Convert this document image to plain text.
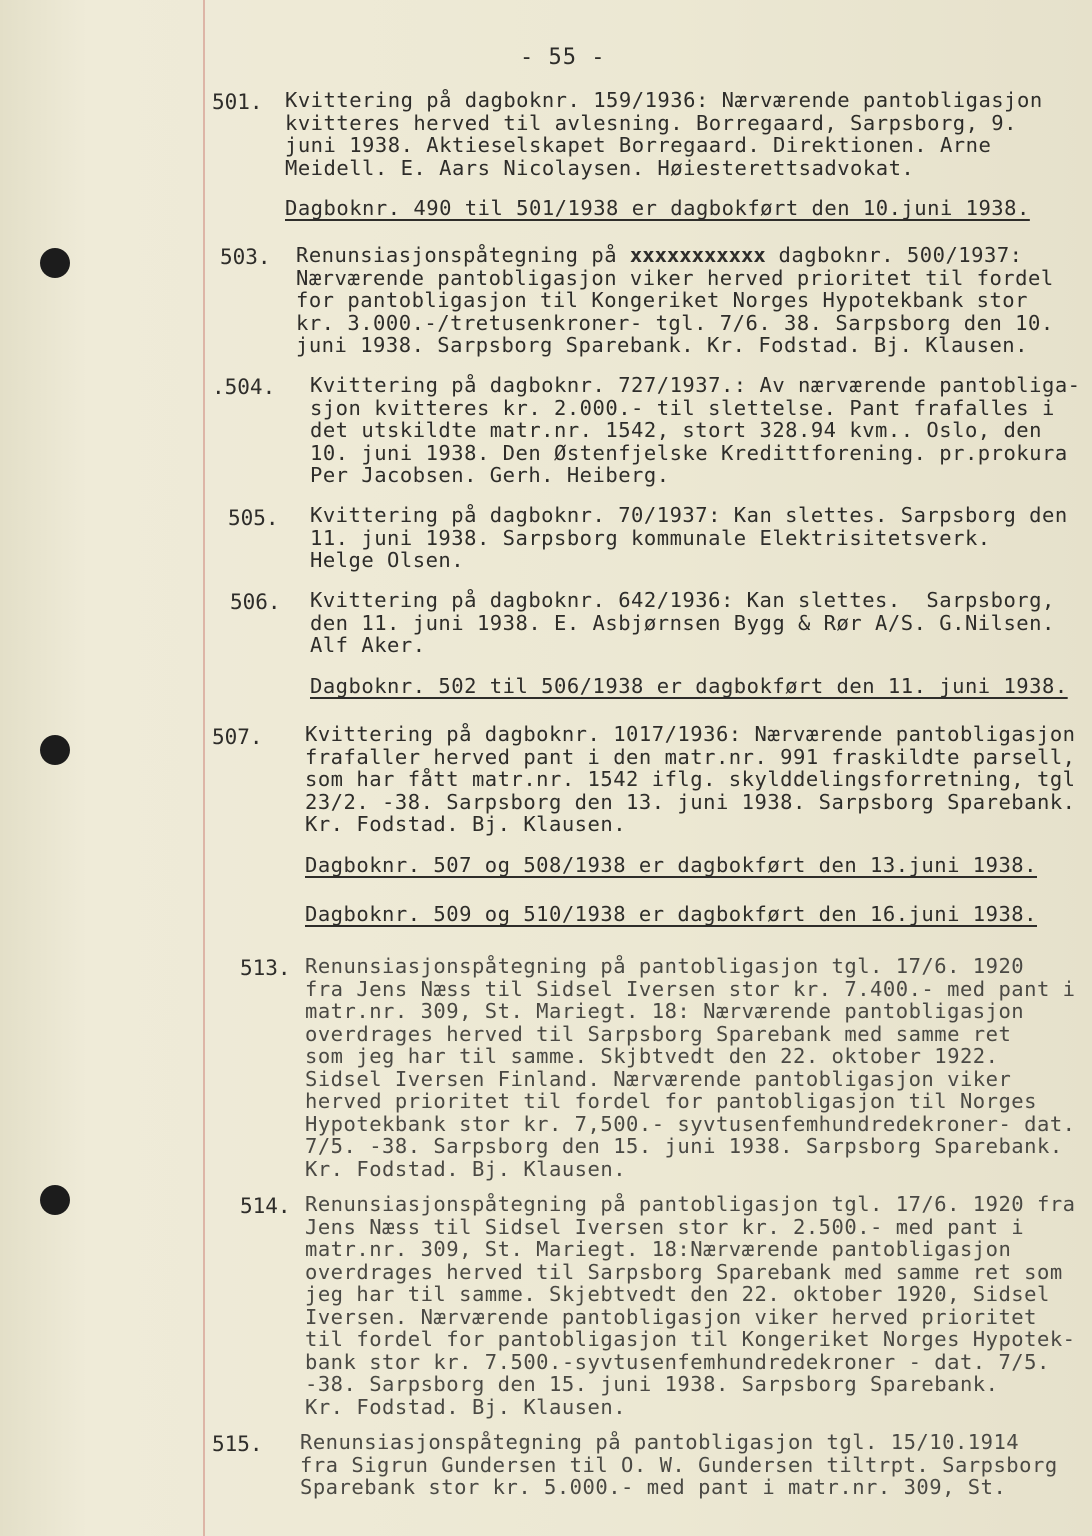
- 55 -
501. Kvittering på dagboknr. 159/1936: Nærværende pantobligasjon
kvitteres herved til avlesning. Borregaard, Sarpsborg, 9.
juni 1938. Aktieselskapet Borregaard. Direktionen. Arne
Meidell. E. Aars Nicolaysen. Høiesterettsadvokat.
Dagboknr. 490 til 501/1938 er dagbokført den 10.juni 1938.
503. Renunsiasjonspåtegning på xxxxxxxxxxx dagboknr. 500/1937:
Nærværende pantobligasjon viker herved prioritet til fordel
for pantobligasjon til Kongeriket Norges Hypotekbank stor
kr. 3.000.-/tretusenkroner- tgl. 7/6. 38. Sarpsborg den 10.
juni 1938. Sarpsborg Sparebank. Kr. Fodstad. Bj. Klausen.
.504. Kvittering på dagboknr. 727/1937.: Av nærværende pantobliga-
sjon kvitteres kr. 2.000.- til slettelse. Pant frafalles i
det utskildte matr.nr. 1542, stort 328.94 kvm.. Oslo, den
10. juni 1938. Den Østenfjelske Kredittforening. pr.prokura
Per Jacobsen. Gerh. Heiberg.
505. Kvittering på dagboknr. 70/1937: Kan slettes. Sarpsborg den
11. juni 1938. Sarpsborg kommunale Elektrisitetsverk.
Helge Olsen.
506. Kvittering på dagboknr. 642/1936: Kan slettes.  Sarpsborg,
den 11. juni 1938. E. Asbjørnsen Bygg & Rør A/S. G.Nilsen.
Alf Aker.
Dagboknr. 502 til 506/1938 er dagbokført den 11. juni 1938.
507. Kvittering på dagboknr. 1017/1936: Nærværende pantobligasjon
frafaller herved pant i den matr.nr. 991 fraskildte parsell,
som har fått matr.nr. 1542 iflg. skylddelingsforretning, tgl
23/2. -38. Sarpsborg den 13. juni 1938. Sarpsborg Sparebank.
Kr. Fodstad. Bj. Klausen.
Dagboknr. 507 og 508/1938 er dagbokført den 13.juni 1938.
Dagboknr. 509 og 510/1938 er dagbokført den 16.juni 1938.
513. Renunsiasjonspåtegning på pantobligasjon tgl. 17/6. 1920
fra Jens Næss til Sidsel Iversen stor kr. 7.400.- med pant i
matr.nr. 309, St. Mariegt. 18: Nærværende pantobligasjon
overdrages herved til Sarpsborg Sparebank med samme ret
som jeg har til samme. Skjbtvedt den 22. oktober 1922.
Sidsel Iversen Finland. Nærværende pantobligasjon viker
herved prioritet til fordel for pantobligasjon til Norges
Hypotekbank stor kr. 7,500.- syvtusenfemhundredekroner- dat.
7/5. -38. Sarpsborg den 15. juni 1938. Sarpsborg Sparebank.
Kr. Fodstad. Bj. Klausen.
514. Renunsiasjonspåtegning på pantobligasjon tgl. 17/6. 1920 fra
Jens Næss til Sidsel Iversen stor kr. 2.500.- med pant i
matr.nr. 309, St. Mariegt. 18:Nærværende pantobligasjon
overdrages herved til Sarpsborg Sparebank med samme ret som
jeg har til samme. Skjebtvedt den 22. oktober 1920, Sidsel
Iversen. Nærværende pantobligasjon viker herved prioritet
til fordel for pantobligasjon til Kongeriket Norges Hypotek-
bank stor kr. 7.500.-syvtusenfemhundredekroner - dat. 7/5.
-38. Sarpsborg den 15. juni 1938. Sarpsborg Sparebank.
Kr. Fodstad. Bj. Klausen.
515. Renunsiasjonspåtegning på pantobligasjon tgl. 15/10.1914
fra Sigrun Gundersen til O. W. Gundersen tiltrpt. Sarpsborg
Sparebank stor kr. 5.000.- med pant i matr.nr. 309, St.
